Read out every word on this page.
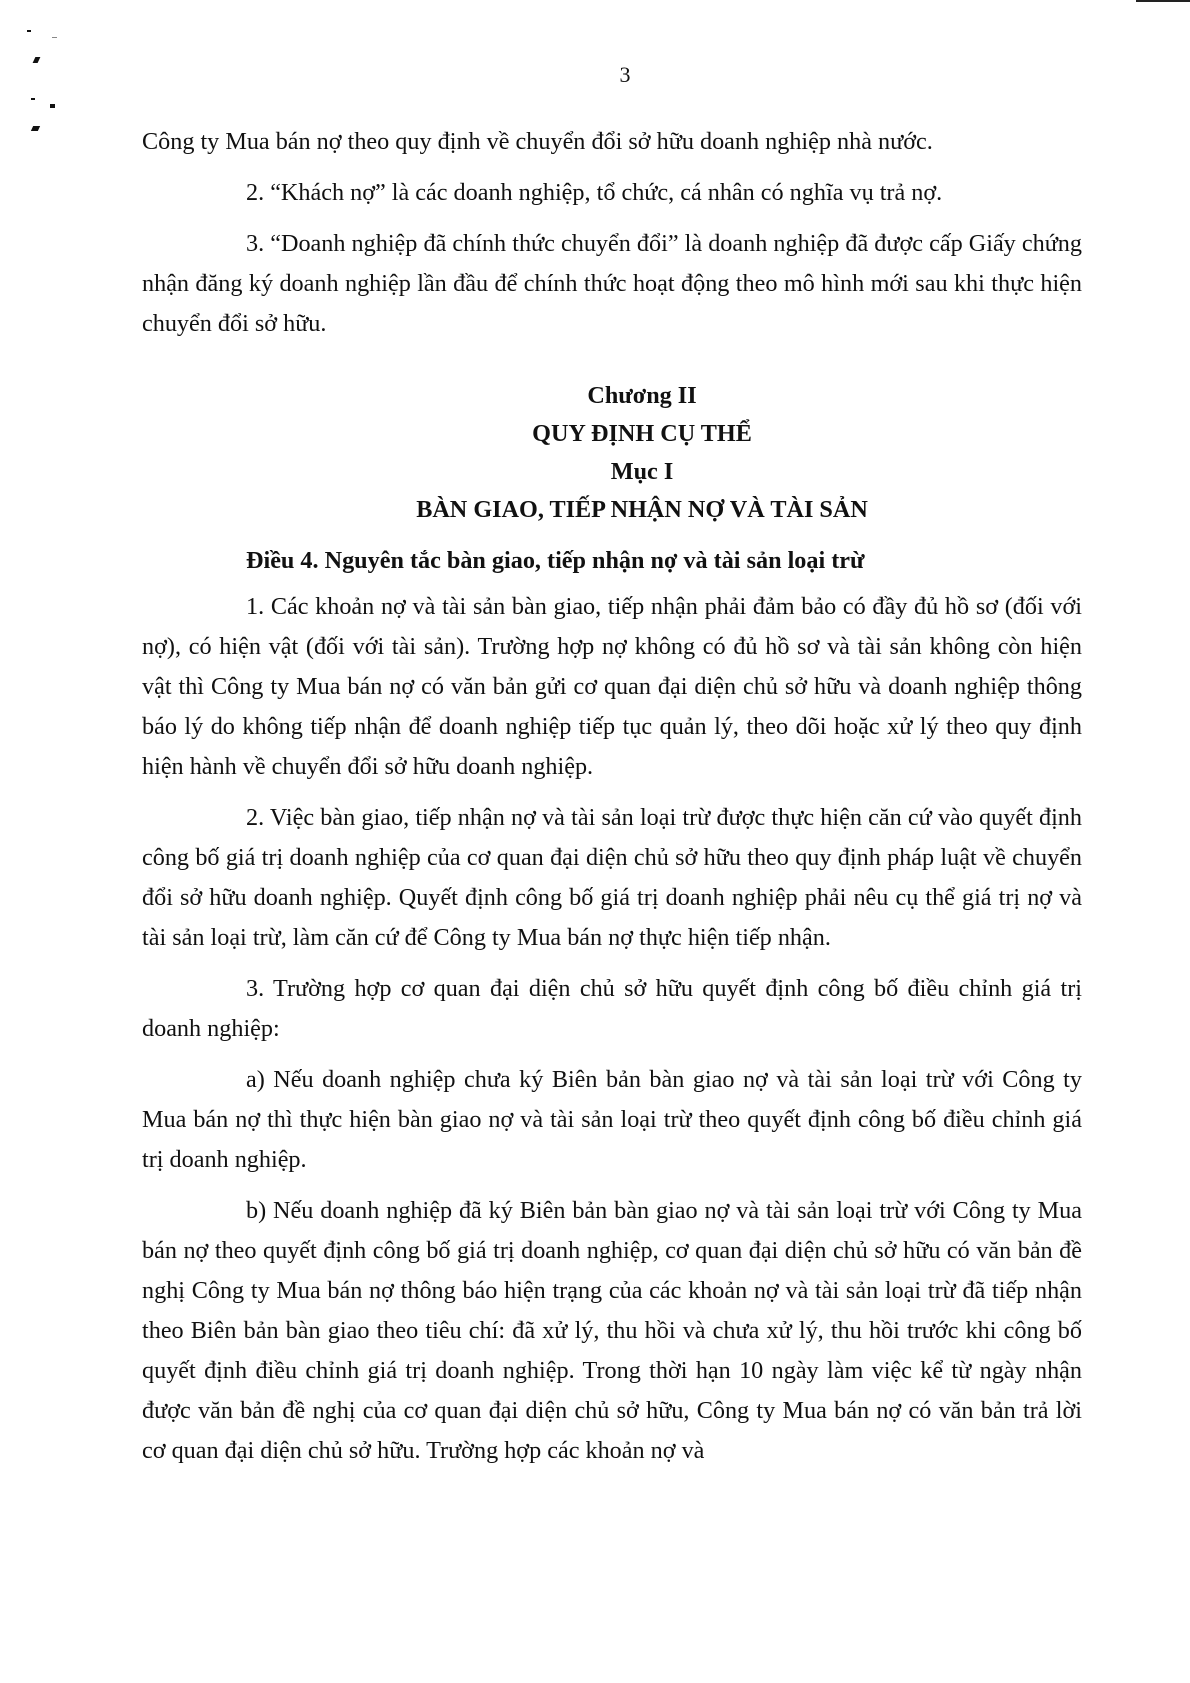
3

Công ty Mua bán nợ theo quy định về chuyển đổi sở hữu doanh nghiệp nhà nước.

2. “Khách nợ” là các doanh nghiệp, tổ chức, cá nhân có nghĩa vụ trả nợ.

3. “Doanh nghiệp đã chính thức chuyển đổi” là doanh nghiệp đã được cấp Giấy chứng nhận đăng ký doanh nghiệp lần đầu để chính thức hoạt động theo mô hình mới sau khi thực hiện chuyển đổi sở hữu.

Chương II
QUY ĐỊNH CỤ THỂ
Mục I
BÀN GIAO, TIẾP NHẬN NỢ VÀ TÀI SẢN

Điều 4. Nguyên tắc bàn giao, tiếp nhận nợ và tài sản loại trừ

1. Các khoản nợ và tài sản bàn giao, tiếp nhận phải đảm bảo có đầy đủ hồ sơ (đối với nợ), có hiện vật (đối với tài sản). Trường hợp nợ không có đủ hồ sơ và tài sản không còn hiện vật thì Công ty Mua bán nợ có văn bản gửi cơ quan đại diện chủ sở hữu và doanh nghiệp thông báo lý do không tiếp nhận để doanh nghiệp tiếp tục quản lý, theo dõi hoặc xử lý theo quy định hiện hành về chuyển đổi sở hữu doanh nghiệp.

2. Việc bàn giao, tiếp nhận nợ và tài sản loại trừ được thực hiện căn cứ vào quyết định công bố giá trị doanh nghiệp của cơ quan đại diện chủ sở hữu theo quy định pháp luật về chuyển đổi sở hữu doanh nghiệp. Quyết định công bố giá trị doanh nghiệp phải nêu cụ thể giá trị nợ và tài sản loại trừ, làm căn cứ để Công ty Mua bán nợ thực hiện tiếp nhận.

3. Trường hợp cơ quan đại diện chủ sở hữu quyết định công bố điều chỉnh giá trị doanh nghiệp:

a) Nếu doanh nghiệp chưa ký Biên bản bàn giao nợ và tài sản loại trừ với Công ty Mua bán nợ thì thực hiện bàn giao nợ và tài sản loại trừ theo quyết định công bố điều chỉnh giá trị doanh nghiệp.

b) Nếu doanh nghiệp đã ký Biên bản bàn giao nợ và tài sản loại trừ với Công ty Mua bán nợ theo quyết định công bố giá trị doanh nghiệp, cơ quan đại diện chủ sở hữu có văn bản đề nghị Công ty Mua bán nợ thông báo hiện trạng của các khoản nợ và tài sản loại trừ đã tiếp nhận theo Biên bản bàn giao theo tiêu chí: đã xử lý, thu hồi và chưa xử lý, thu hồi trước khi công bố quyết định điều chỉnh giá trị doanh nghiệp. Trong thời hạn 10 ngày làm việc kể từ ngày nhận được văn bản đề nghị của cơ quan đại diện chủ sở hữu, Công ty Mua bán nợ có văn bản trả lời cơ quan đại diện chủ sở hữu. Trường hợp các khoản nợ và
